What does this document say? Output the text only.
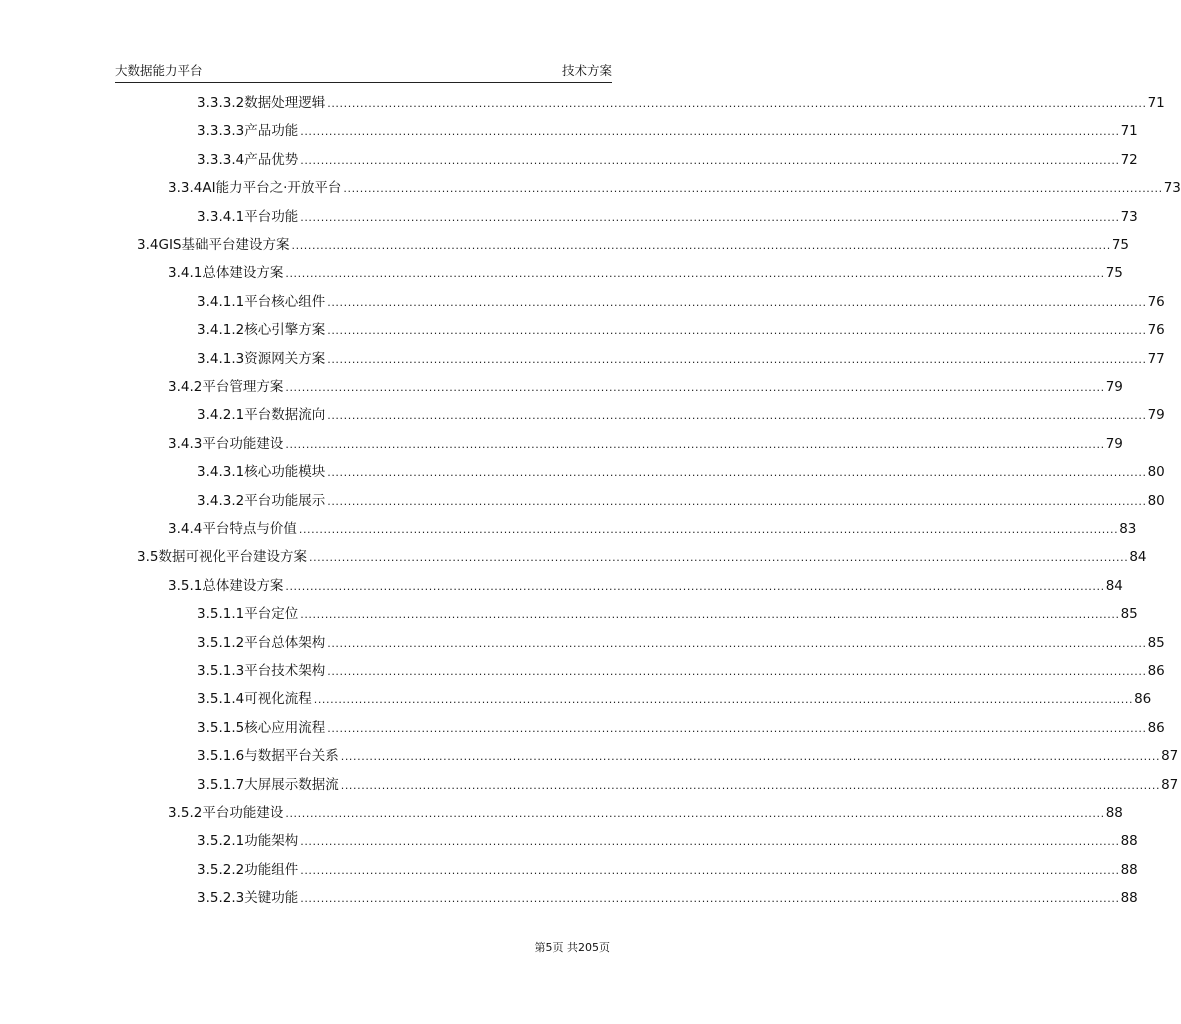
大数据能力平台	技术方案
3.3.3.2 数据处理逻辑 ........................................................................................................................................................................................................ 71
3.3.3.3 产品功能 ........................................................................................................................................................................................................ 71
3.3.3.4 产品优势 ........................................................................................................................................................................................................ 72
3.3.4 AI能力平台之·开放平台 ........................................................................................................................................................................................................ 73
3.3.4.1 平台功能 ........................................................................................................................................................................................................ 73
3.4 GIS基础平台建设方案 ........................................................................................................................................................................................................ 75
3.4.1 总体建设方案 ........................................................................................................................................................................................................ 75
3.4.1.1 平台核心组件 ........................................................................................................................................................................................................ 76
3.4.1.2 核心引擎方案 ........................................................................................................................................................................................................ 76
3.4.1.3 资源网关方案 ........................................................................................................................................................................................................ 77
3.4.2 平台管理方案 ........................................................................................................................................................................................................ 79
3.4.2.1 平台数据流向 ........................................................................................................................................................................................................ 79
3.4.3 平台功能建设 ........................................................................................................................................................................................................ 79
3.4.3.1 核心功能模块 ........................................................................................................................................................................................................ 80
3.4.3.2 平台功能展示 ........................................................................................................................................................................................................ 80
3.4.4 平台特点与价值 ........................................................................................................................................................................................................ 83
3.5 数据可视化平台建设方案 ........................................................................................................................................................................................................ 84
3.5.1 总体建设方案 ........................................................................................................................................................................................................ 84
3.5.1.1 平台定位 ........................................................................................................................................................................................................ 85
3.5.1.2 平台总体架构 ........................................................................................................................................................................................................ 85
3.5.1.3 平台技术架构 ........................................................................................................................................................................................................ 86
3.5.1.4 可视化流程 ........................................................................................................................................................................................................ 86
3.5.1.5 核心应用流程 ........................................................................................................................................................................................................ 86
3.5.1.6 与数据平台关系 ........................................................................................................................................................................................................ 87
3.5.1.7 大屏展示数据流 ........................................................................................................................................................................................................ 87
3.5.2 平台功能建设 ........................................................................................................................................................................................................ 88
3.5.2.1 功能架构 ........................................................................................................................................................................................................ 88
3.5.2.2 功能组件 ........................................................................................................................................................................................................ 88
3.5.2.3 关键功能 ........................................................................................................................................................................................................ 88
第5页 共205页
